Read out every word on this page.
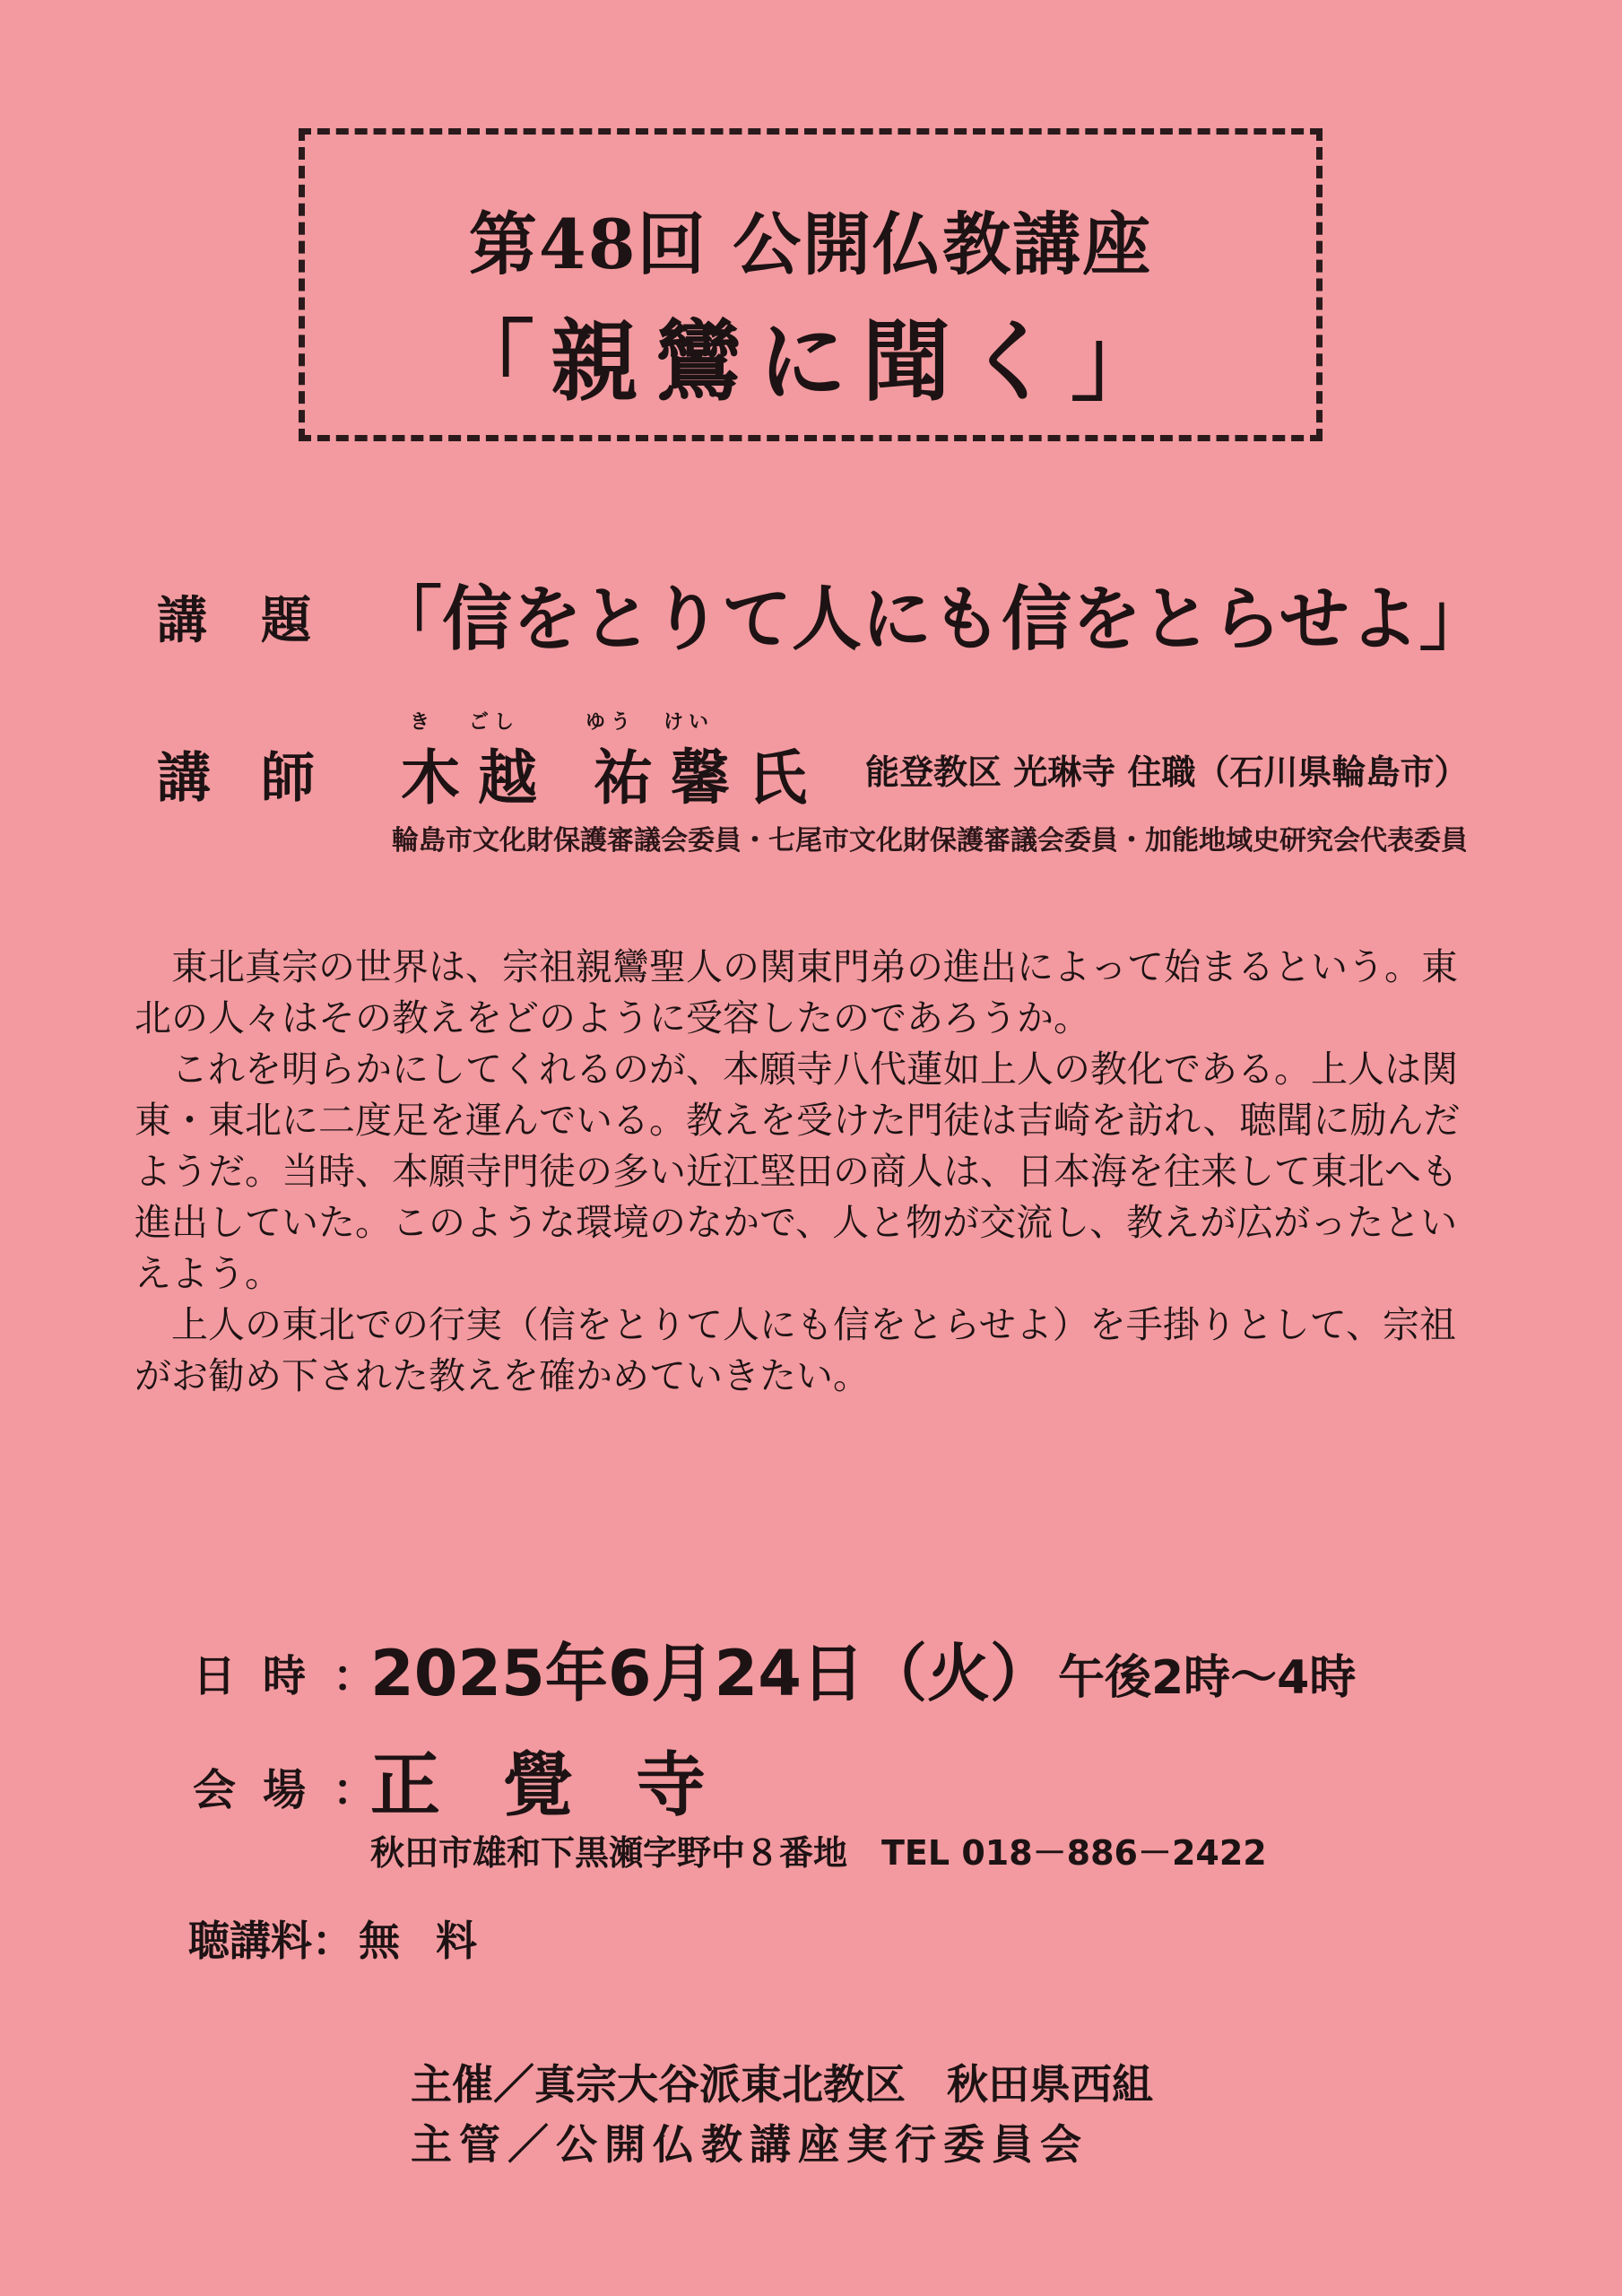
第48回 公開仏教講座
「親鸞に聞く」
講題 「信をとりて人にも信をとらせよ」
講師
き ごし	ゆう けい
木越 祐馨氏 能登教区 光琳寺 住職（石川県輪島市）
輪島市文化財保護審議会委員・七尾市文化財保護審議会委員・加能地域史研究会代表委員

　東北真宗の世界は、宗祖親鸞聖人の関東門弟の進出によって始まるという。東北の人々はその教えをどのように受容したのであろうか。

　これを明らかにしてくれるのが、本願寺八代蓮如上人の教化である。上人は関東・東北に二度足を運んでいる。教えを受けた門徒は吉崎を訪れ、聴聞に励んだようだ。当時、本願寺門徒の多い近江堅田の商人は、日本海を往来して東北へも進出していた。このような環境のなかで、人と物が交流し、教えが広がったといえよう。

　上人の東北での行実（信をとりて人にも信をとらせよ）を手掛りとして、宗祖がお勧め下された教えを確かめていきたい。

日時：
2025年6月24日（火） 午後2時～4時
会場：
正覺寺
秋田市雄和下黒瀬字野中８番地　TEL 018－886－2422
聴講料： 無料
主催／真宗大谷派東北教区　秋田県西組
主管／公開仏教講座実行委員会
